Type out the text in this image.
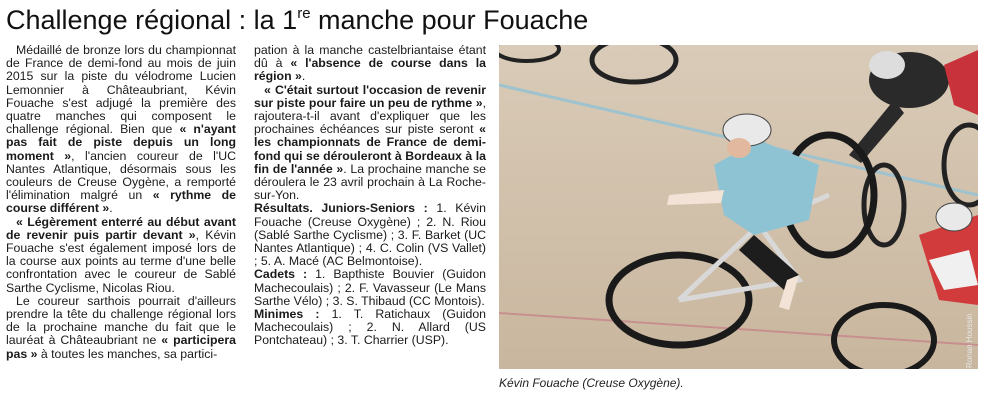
Challenge régional : la 1re manche pour Fouache

Médaillé de bronze lors du championnat de France de demi-fond au mois de juin 2015 sur la piste du vélodrome Lucien Lemonnier à Châteaubriant, Kévin Fouache s'est adjugé la première des quatre manches qui composent le challenge régional. Bien que « n'ayant pas fait de piste depuis un long moment », l'ancien coureur de l'UC Nantes Atlantique, désormais sous les couleurs de Creuse Oygène, a remporté l'élimination malgré un « rythme de course différent ».

« Légèrement enterré au début avant de revenir puis partir devant », Kévin Fouache s'est également imposé lors de la course aux points au terme d'une belle confrontation avec le coureur de Sablé Sarthe Cyclisme, Nicolas Riou.

Le coureur sarthois pourrait d'ailleurs prendre la tête du challenge régional lors de la prochaine manche du fait que le lauréat à Châteaubriant ne « participera pas » à toutes les manches, sa partici-

pation à la manche castelbriantaise étant dû à « l'absence de course dans la région ».

« C'était surtout l'occasion de revenir sur piste pour faire un peu de rythme », rajoutera-t-il avant d'expliquer que les prochaines échéances sur piste seront « les championnats de France de demi-fond qui se dérouleront à Bordeaux à la fin de l'année ». La prochaine manche se déroulera le 23 avril prochain à La Roche-sur-Yon.

Résultats. Juniors-Seniors : 1. Kévin Fouache (Creuse Oxygène) ; 2. N. Riou (Sablé Sarthe Cyclisme) ; 3. F. Barket (UC Nantes Atlantique) ; 4. C. Colin (VS Vallet) ; 5. A. Macé (AC Belmontoise).

Cadets : 1. Bapthiste Bouvier (Guidon Machecoulais) ; 2. F. Vavasseur (Le Mans Sarthe Vélo) ; 3. S. Thibaud (CC Montois).

Minimes : 1. T. Ratichaux (Guidon Machecoulais) ; 2. N. Allard (US Pontchateau) ; 3. T. Charrier (USP).	Ronan Houssin
Kévin Fouache (Creuse Oxygène).
